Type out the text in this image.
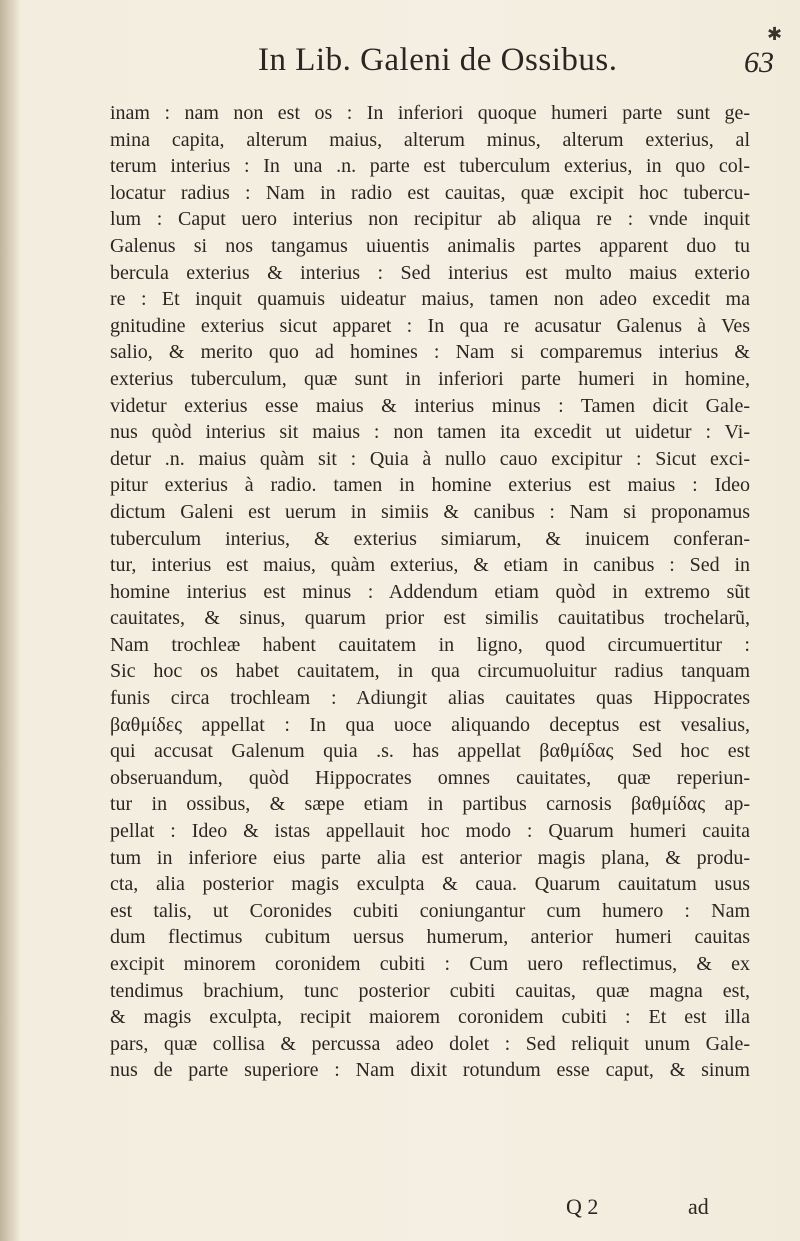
✱
In Lib. Galeni de Ossibus.	63
inam : nam non est os : In inferiori quoque humeri parte sunt ge-
mina capita, alterum maius, alterum minus, alterum exterius, al
terum interius : In una .n. parte est tuberculum exterius, in quo col-
locatur radius : Nam in radio est cauitas, quæ excipit hoc tubercu-
lum : Caput uero interius non recipitur ab aliqua re : vnde inquit
Galenus si nos tangamus uiuentis animalis partes apparent duo tu
bercula exterius & interius : Sed interius est multo maius exterio
re : Et inquit quamuis uideatur maius, tamen non adeo excedit ma
gnitudine exterius sicut apparet : In qua re acusatur Galenus à Ves
salio, & merito quo ad homines : Nam si comparemus interius &
exterius tuberculum, quæ sunt in inferiori parte humeri in homine,
videtur exterius esse maius & interius minus : Tamen dicit Gale-
nus quòd interius sit maius : non tamen ita excedit ut uidetur : Vi-
detur .n. maius quàm sit : Quia à nullo cauo excipitur : Sicut exci-
pitur exterius à radio. tamen in homine exterius est maius : Ideo
dictum Galeni est uerum in simiis & canibus : Nam si proponamus
tuberculum interius, & exterius simiarum, & inuicem conferan-
tur, interius est maius, quàm exterius, & etiam in canibus : Sed in
homine interius est minus : Addendum etiam quòd in extremo sũt
cauitates, & sinus, quarum prior est similis cauitatibus trochelarũ,
Nam trochleæ habent cauitatem in ligno, quod circumuertitur :
Sic hoc os habet cauitatem, in qua circumuoluitur radius tanquam
funis circa trochleam : Adiungit alias cauitates quas Hippocrates
βαθμίδες appellat : In qua uoce aliquando deceptus est vesalius,
qui accusat Galenum quia .s. has appellat βαθμίδας Sed hoc est
obseruandum, quòd Hippocrates omnes cauitates, quæ reperiun-
tur in ossibus, & sæpe etiam in partibus carnosis βαθμίδας ap-
pellat : Ideo & istas appellauit hoc modo : Quarum humeri cauita
tum in inferiore eius parte alia est anterior magis plana, & produ-
cta, alia posterior magis exculpta & caua. Quarum cauitatum usus
est talis, ut Coronides cubiti coniungantur cum humero : Nam
dum flectimus cubitum uersus humerum, anterior humeri cauitas
excipit minorem coronidem cubiti : Cum uero reflectimus, & ex
tendimus brachium, tunc posterior cubiti cauitas, quæ magna est,
& magis exculpta, recipit maiorem coronidem cubiti : Et est illa
pars, quæ collisa & percussa adeo dolet : Sed reliquit unum Gale-
nus de parte superiore : Nam dixit rotundum esse caput, & sinum
Q 2	ad
